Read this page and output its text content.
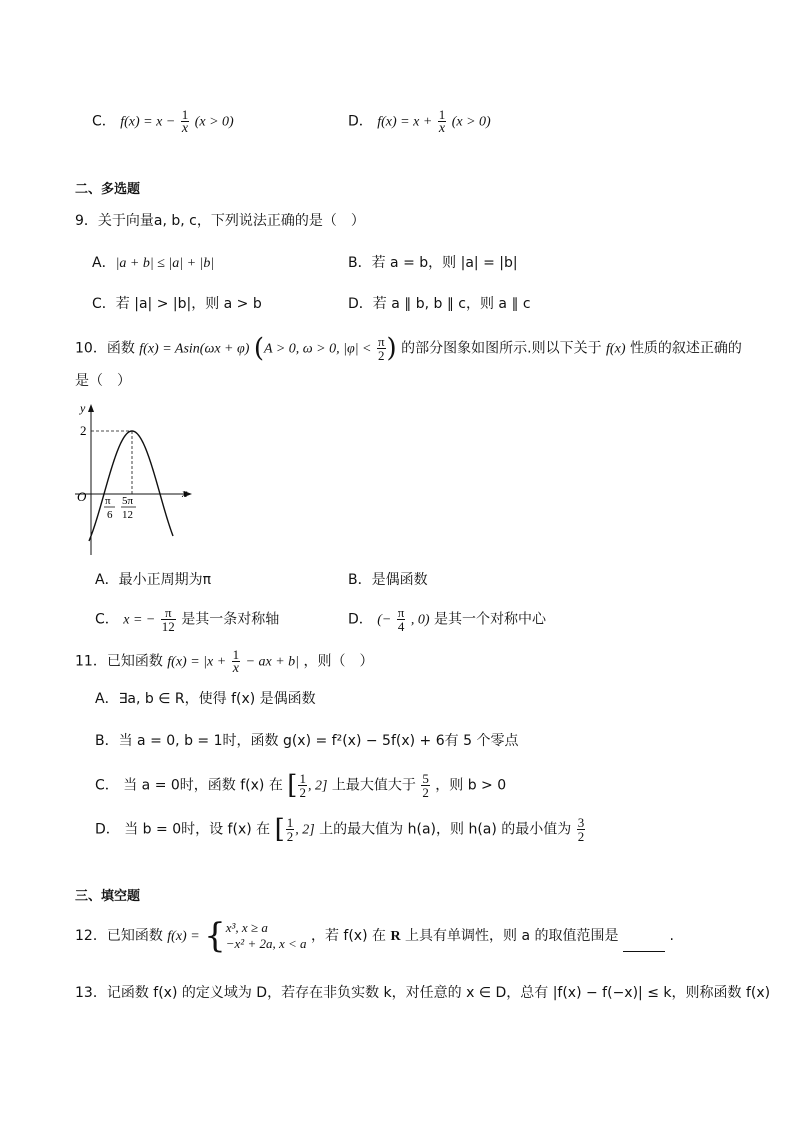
C． $f(x) = x - \frac{1}{x} (x > 0)$	D． $f(x) = x + \frac{1}{x} (x > 0)$
二、多选题
9．关于向量a, b, c，下列说法正确的是（　）
A．|a + b| ≤ |a| + |b|	B．若 a = b，则 |a| = |b|
C．若 |a| > |b|，则 a > b	D．若 a ∥ b, b ∥ c，则 a ∥ c
10．函数 f(x) = Asin(ωx + φ) (A > 0, ω > 0, $|\varphi| < \frac{\pi}{2}$ ) 的部分图象如图所示.则以下关于 f(x) 性质的叙述正确的
是（　）
y
x
O
2
π
6
5π
12
A．最小正周期为π	B．是偶函数
C． x = − $\frac{\pi}{12}$ 是其一条对称轴	D． (− $\frac{\pi}{4}$ , 0) 是其一个对称中心
11．已知函数 $f(x) = |x + \frac{1}{x}$ − ax + b| ，则（　）
A．∃a, b ∈ R，使得 f(x) 是偶函数
B．当 a = 0, b = 1时，函数 g(x) = f²(x) − 5f(x) + 6有 5 个零点
C． 当 a = 0时，函数 f(x) 在 [ $\frac{1}{2}$ , 2] 上最大值大于 $\frac{5}{2}$ ，则 b > 0
D． 当 b = 0时，设 f(x) 在 [ $\frac{1}{2}$ , 2] 上的最大值为 h(a)，则 h(a) 的最小值为 $\frac{3}{2}$
三、填空题
12．已知函数 f(x) = { x³, x ≥ a
−x² + 2a, x < a ，若 f(x) 在 R 上具有单调性，则 a 的取值范围是	.
13．记函数 f(x) 的定义域为 D，若存在非负实数 k，对任意的 x ∈ D，总有 |f(x) − f(−x)| ≤ k，则称函数 f(x)
